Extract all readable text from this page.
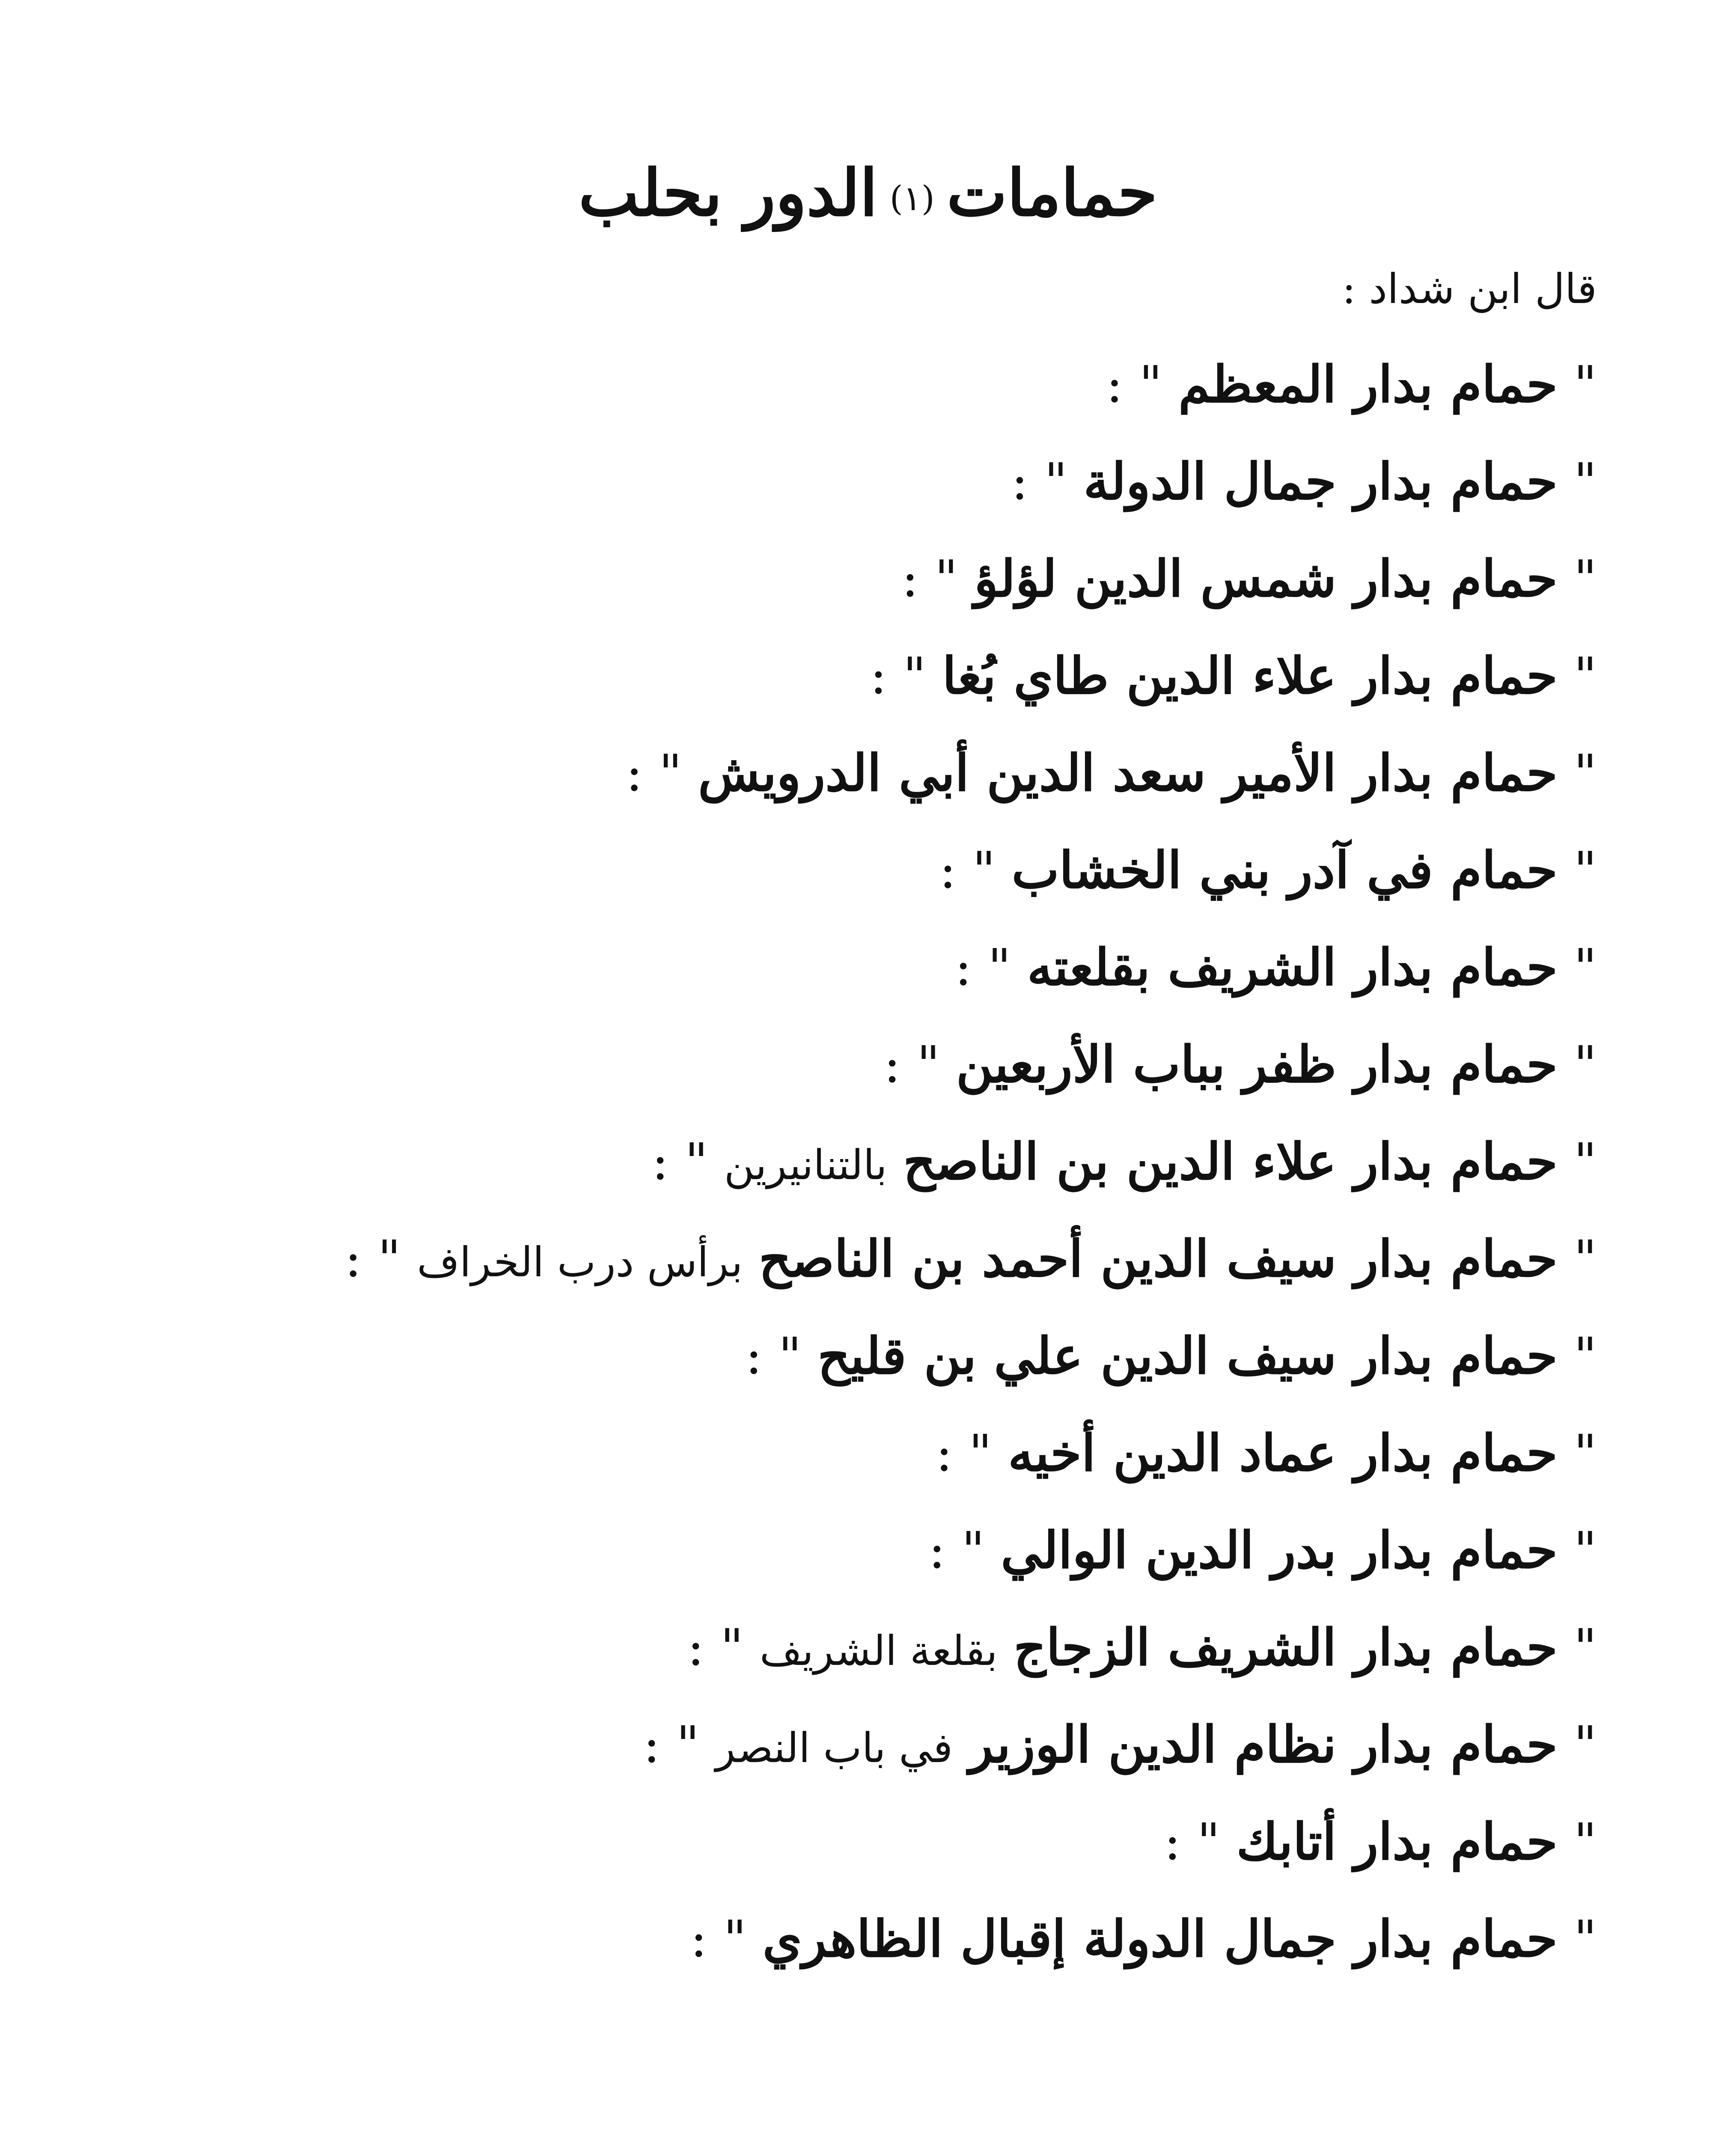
حمامات(١)الدور بحلب
قال ابن شداد :
" حمام بدار المعظم " :
" حمام بدار جمال الدولة " :
" حمام بدار شمس الدين لؤلؤ " :
" حمام بدار علاء الدين طاي بُغا " :
" حمام بدار الأمير سعد الدين أبي الدرويش " :
" حمام في آدر بني الخشاب " :
" حمام بدار الشريف بقلعته " :
" حمام بدار ظفر بباب الأربعين " :
" حمام بدار علاء الدين بن الناصح بالتنانيرين " :
" حمام بدار سيف الدين أحمد بن الناصح برأس درب الخراف " :
" حمام بدار سيف الدين علي بن قليح " :
" حمام بدار عماد الدين أخيه " :
" حمام بدار بدر الدين الوالي " :
" حمام بدار الشريف الزجاج بقلعة الشريف " :
" حمام بدار نظام الدين الوزير في باب النصر " :
" حمام بدار أتابك " :
" حمام بدار جمال الدولة إقبال الظاهري " :
